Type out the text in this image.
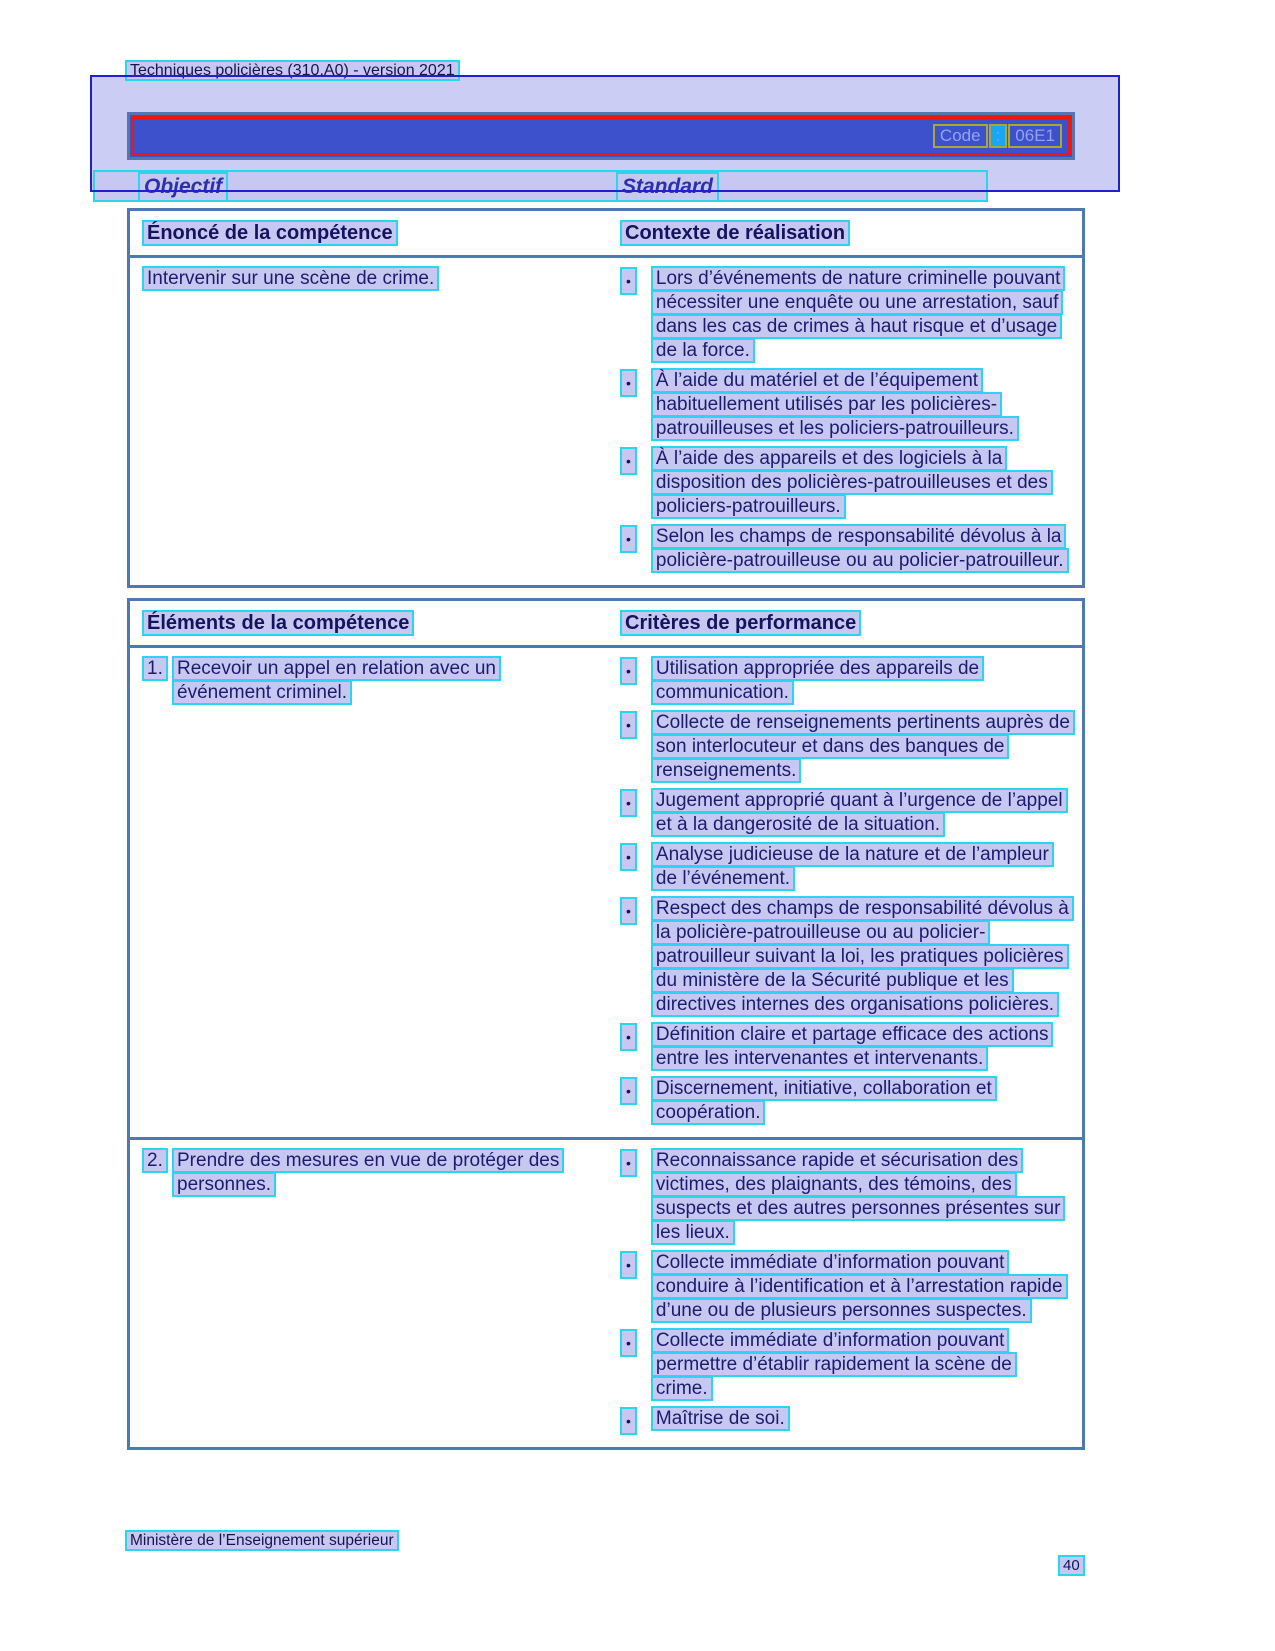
Techniques policières (310.A0) - version 2021
Code : 06E1
Objectif	Standard
Énoncé de la compétence	Contexte de réalisation

Intervenir sur une scène de crime.	•	Lors d’événements de nature criminelle pouvant nécessiter une enquête ou une arrestation, sauf dans les cas de crimes à haut risque et d’usage de la force.

•	À l’aide du matériel et de l’équipement habituellement utilisés par les policières-patrouilleuses et les policiers-patrouilleurs.

•	À l’aide des appareils et des logiciels à la disposition des policières-patrouilleuses et des policiers-patrouilleurs.

•	Selon les champs de responsabilité dévolus à la policière-patrouilleuse ou au policier-patrouilleur.

Éléments de la compétence	Critères de performance
1. Recevoir un appel en relation avec un événement criminel.

•	Utilisation appropriée des appareils de communication.

•	Collecte de renseignements pertinents auprès de son interlocuteur et dans des banques de renseignements.

•	Jugement approprié quant à l’urgence de l’appel et à la dangerosité de la situation.

•	Analyse judicieuse de la nature et de l’ampleur de l’événement.

•	Respect des champs de responsabilité dévolus à la policière-patrouilleuse ou au policier-patrouilleur suivant la loi, les pratiques policières du ministère de la Sécurité publique et les directives internes des organisations policières.

•	Définition claire et partage efficace des actions entre les intervenantes et intervenants.

•	Discernement, initiative, collaboration et coopération.

2. Prendre des mesures en vue de protéger des personnes.

•	Reconnaissance rapide et sécurisation des victimes, des plaignants, des témoins, des suspects et des autres personnes présentes sur les lieux.

•	Collecte immédiate d’information pouvant conduire à l’identification et à l’arrestation rapide d’une ou de plusieurs personnes suspectes.

•	Collecte immédiate d’information pouvant permettre d’établir rapidement la scène de crime.

•	Maîtrise de soi.

Ministère de l’Enseignement supérieur
40
